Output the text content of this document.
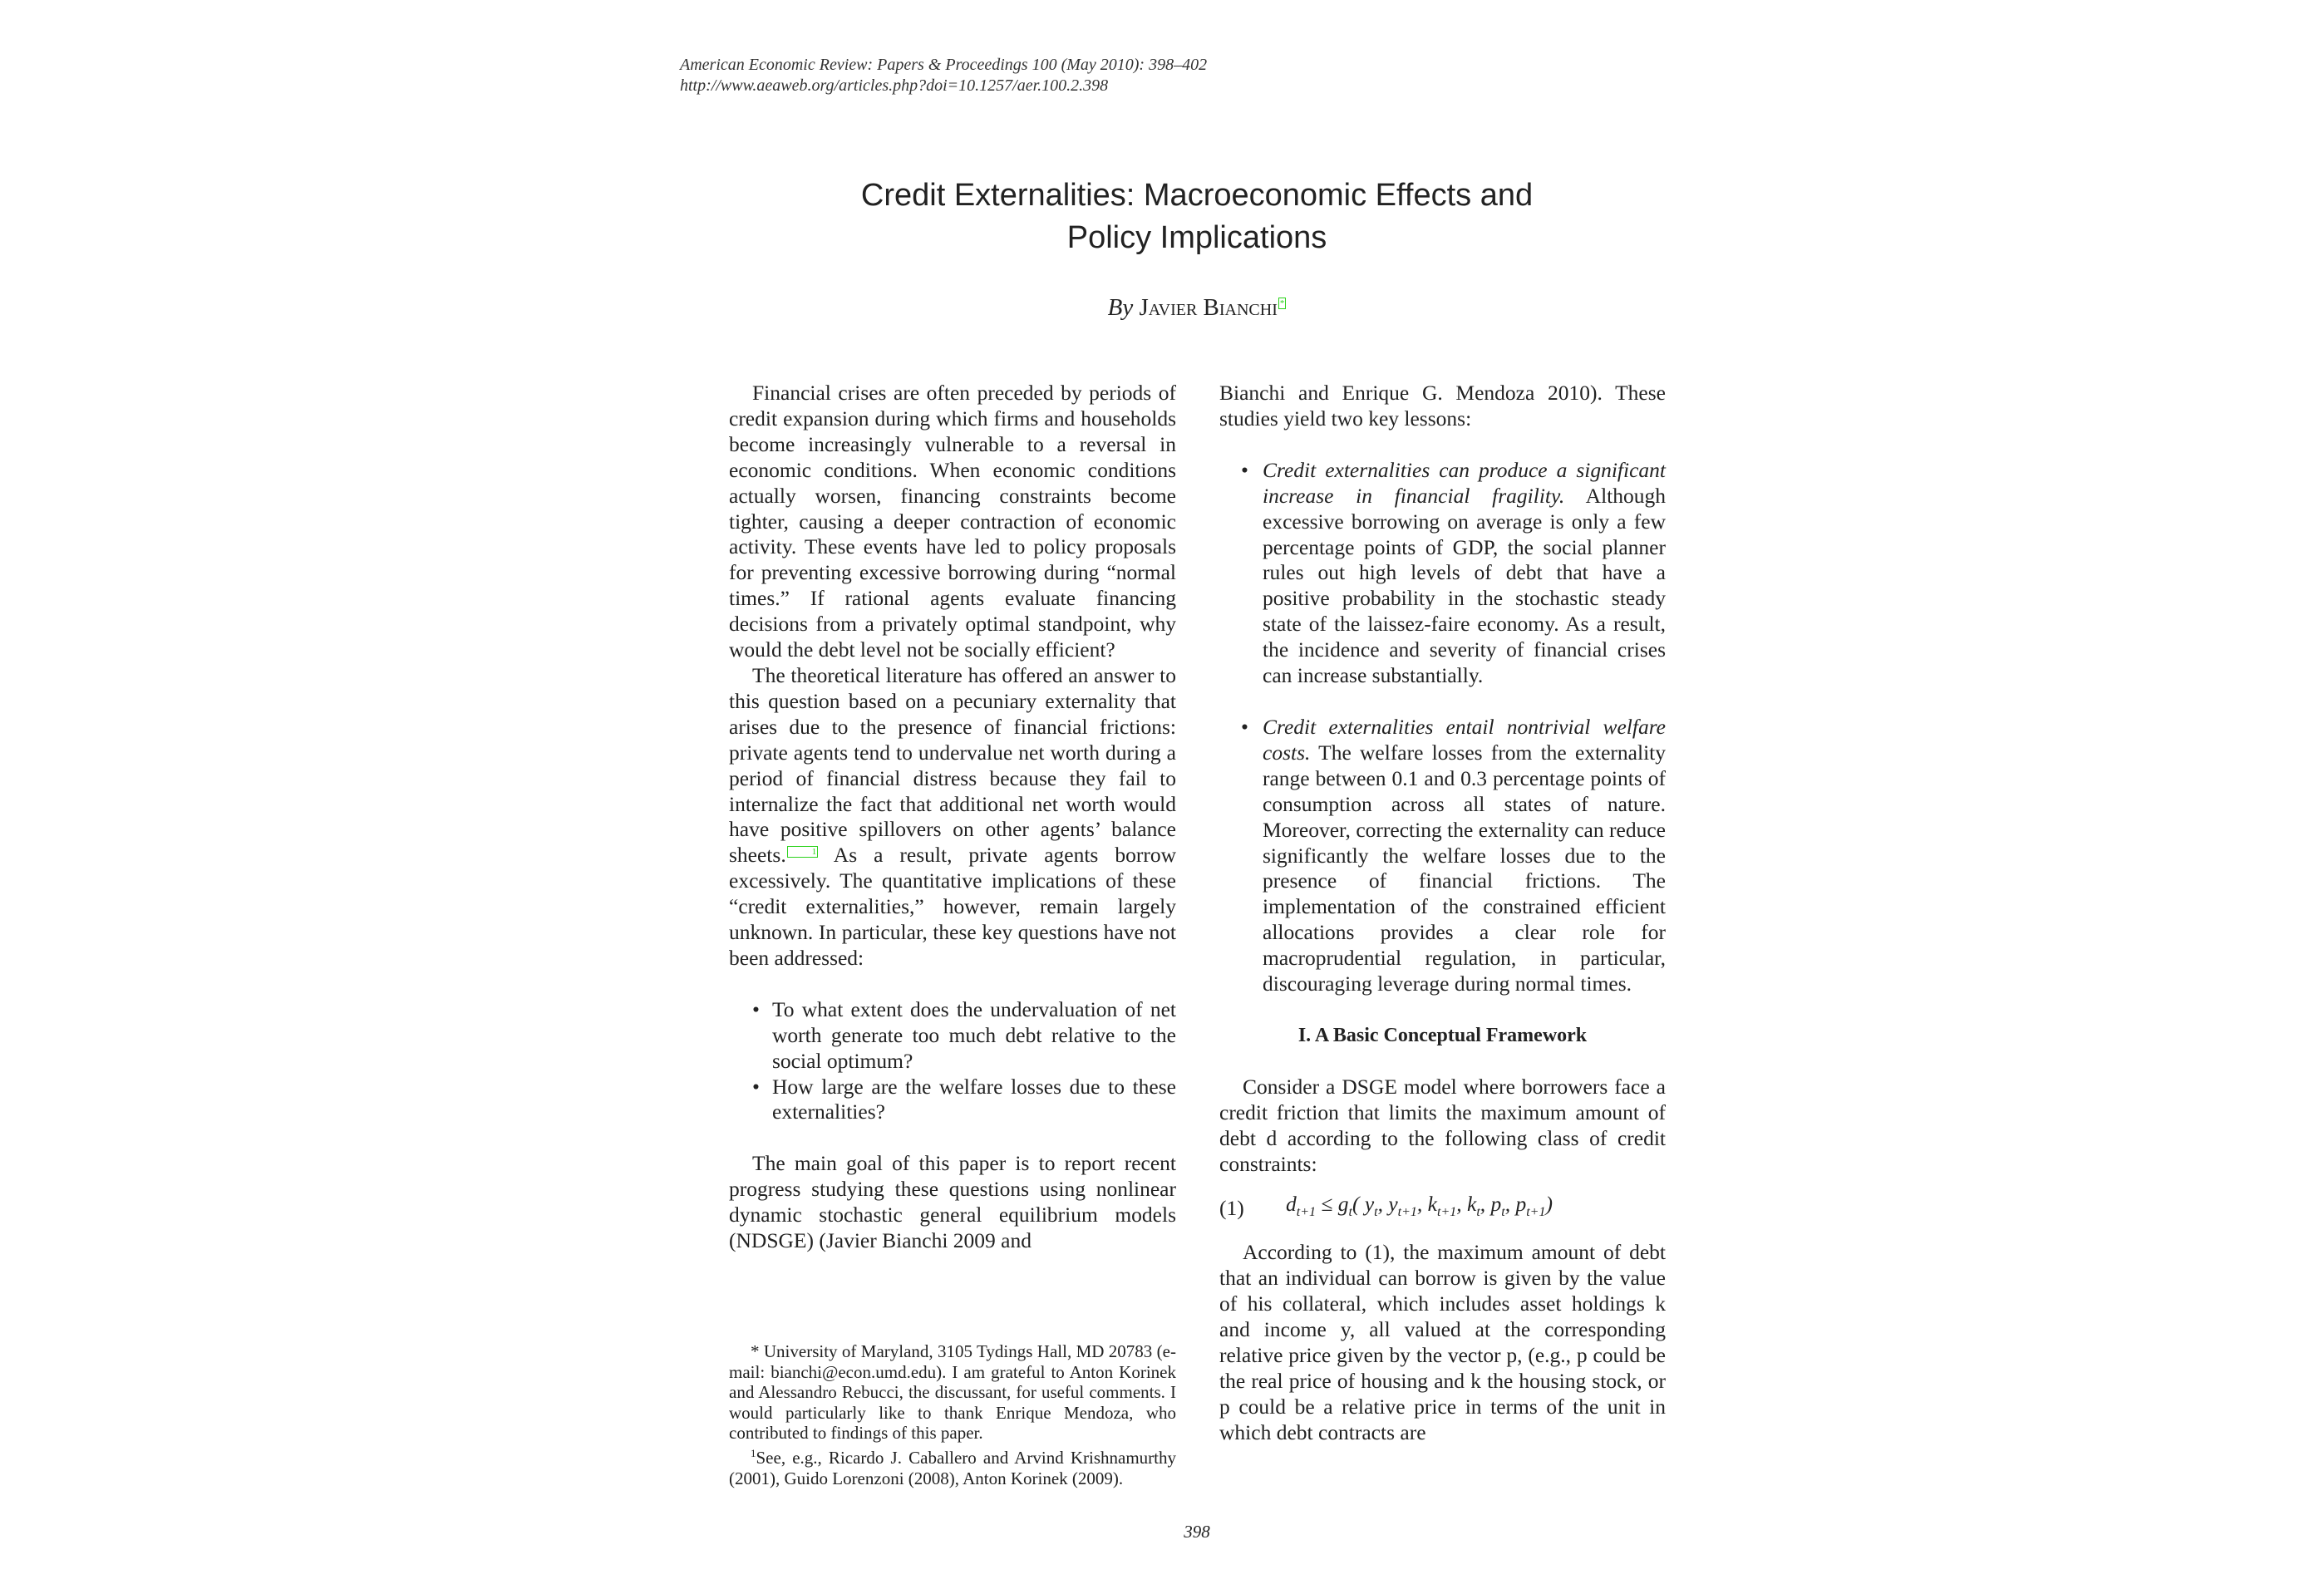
American Economic Review: Papers & Proceedings 100 (May 2010): 398–402
http://www.aeaweb.org/articles.php?doi=10.1257/aer.100.2.398
Credit Externalities: Macroeconomic Effects and
Policy Implications
By Javier Bianchi *

Financial crises are often preceded by periods of credit expansion during which firms and households become increasingly vulnerable to a reversal in economic conditions. When economic conditions actually worsen, financing constraints become tighter, causing a deeper contraction of economic activity. These events have led to policy proposals for preventing excessive borrowing during “normal times.” If rational agents evaluate financing decisions from a privately optimal standpoint, why would the debt level not be socially efficient?

The theoretical literature has offered an answer to this question based on a pecuniary externality that arises due to the presence of financial frictions: private agents tend to undervalue net worth during a period of financial distress because they fail to internalize the fact that additional net worth would have positive spillovers on other agents’ balance sheets.	1 As a result, private agents borrow excessively. The quantitative implications of these “credit externalities,” however, remain largely unknown. In particular, these key questions have not been addressed:

• To what extent does the undervaluation of net worth generate too much debt relative to the social optimum?
• How large are the welfare losses due to these externalities?

The main goal of this paper is to report recent progress studying these questions using nonlinear dynamic stochastic general equilibrium models (NDSGE) (Javier Bianchi 2009 and

Bianchi and Enrique G. Mendoza 2010). These studies yield two key lessons:

• Credit externalities can produce a significant increase in financial fragility. Although excessive borrowing on average is only a few percentage points of GDP, the social planner rules out high levels of debt that have a positive probability in the stochastic steady state of the laissez-faire economy. As a result, the incidence and severity of financial crises can increase substantially.
• Credit externalities entail nontrivial welfare costs. The welfare losses from the externality range between 0.1 and 0.3 percentage points of consumption across all states of nature. Moreover, correcting the externality can reduce significantly the welfare losses due to the presence of financial frictions. The implementation of the constrained efficient allocations provides a clear role for macroprudential regulation, in particular, discouraging leverage during normal times.
I. A Basic Conceptual Framework

Consider a DSGE model where borrowers face a credit friction that limits the maximum amount of debt d according to the following class of credit constraints:

(1)	$d_{t+1} \le g_t$( $y_t$, $y_{t+1}$, $k_{t+1}$, $k_t$, $p_t$, $p_{t+1}$)

According to (1), the maximum amount of debt that an individual can borrow is given by the value of his collateral, which includes asset holdings k and income y, all valued at the corresponding relative price given by the vector p, (e.g., p could be the real price of housing and k the housing stock, or p could be a relative price in terms of the unit in which debt contracts are

* University of Maryland, 3105 Tydings Hall, MD 20783 (e-mail: bianchi@econ.umd.edu). I am grateful to Anton Korinek and Alessandro Rebucci, the discussant, for useful comments. I would particularly like to thank Enrique Mendoza, who contributed to findings of this paper.

$^1$See, e.g., Ricardo J. Caballero and Arvind Krishnamurthy (2001), Guido Lorenzoni (2008), Anton Korinek (2009).

398
